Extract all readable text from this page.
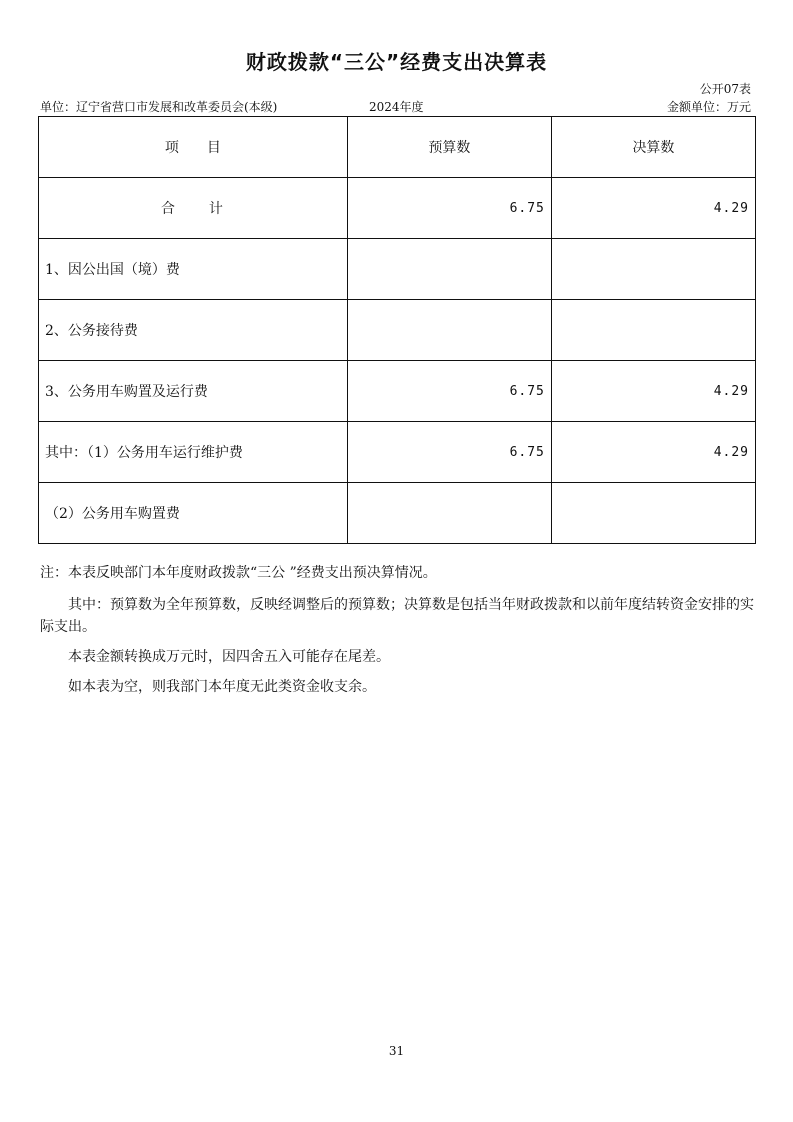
财政拨款“三公”经费支出决算表
公开07表
单位：辽宁省营口市发展和改革委员会(本级)	2024年度	金额单位：万元
项　　目	预算数	决算数
合　　计	6.75	4.29
1、因公出国（境）费		
2、公务接待费		
3、公务用车购置及运行费	6.75	4.29
其中：（1）公务用车运行维护费	6.75	4.29
（2）公务用车购置费		

注：本表反映部门本年度财政拨款“三公 ”经费支出预决算情况。

其中：预算数为全年预算数，反映经调整后的预算数；决算数是包括当年财政拨款和以前年度结转资金安排的实际支出。

本表金额转换成万元时，因四舍五入可能存在尾差。

如本表为空，则我部门本年度无此类资金收支余。

31
